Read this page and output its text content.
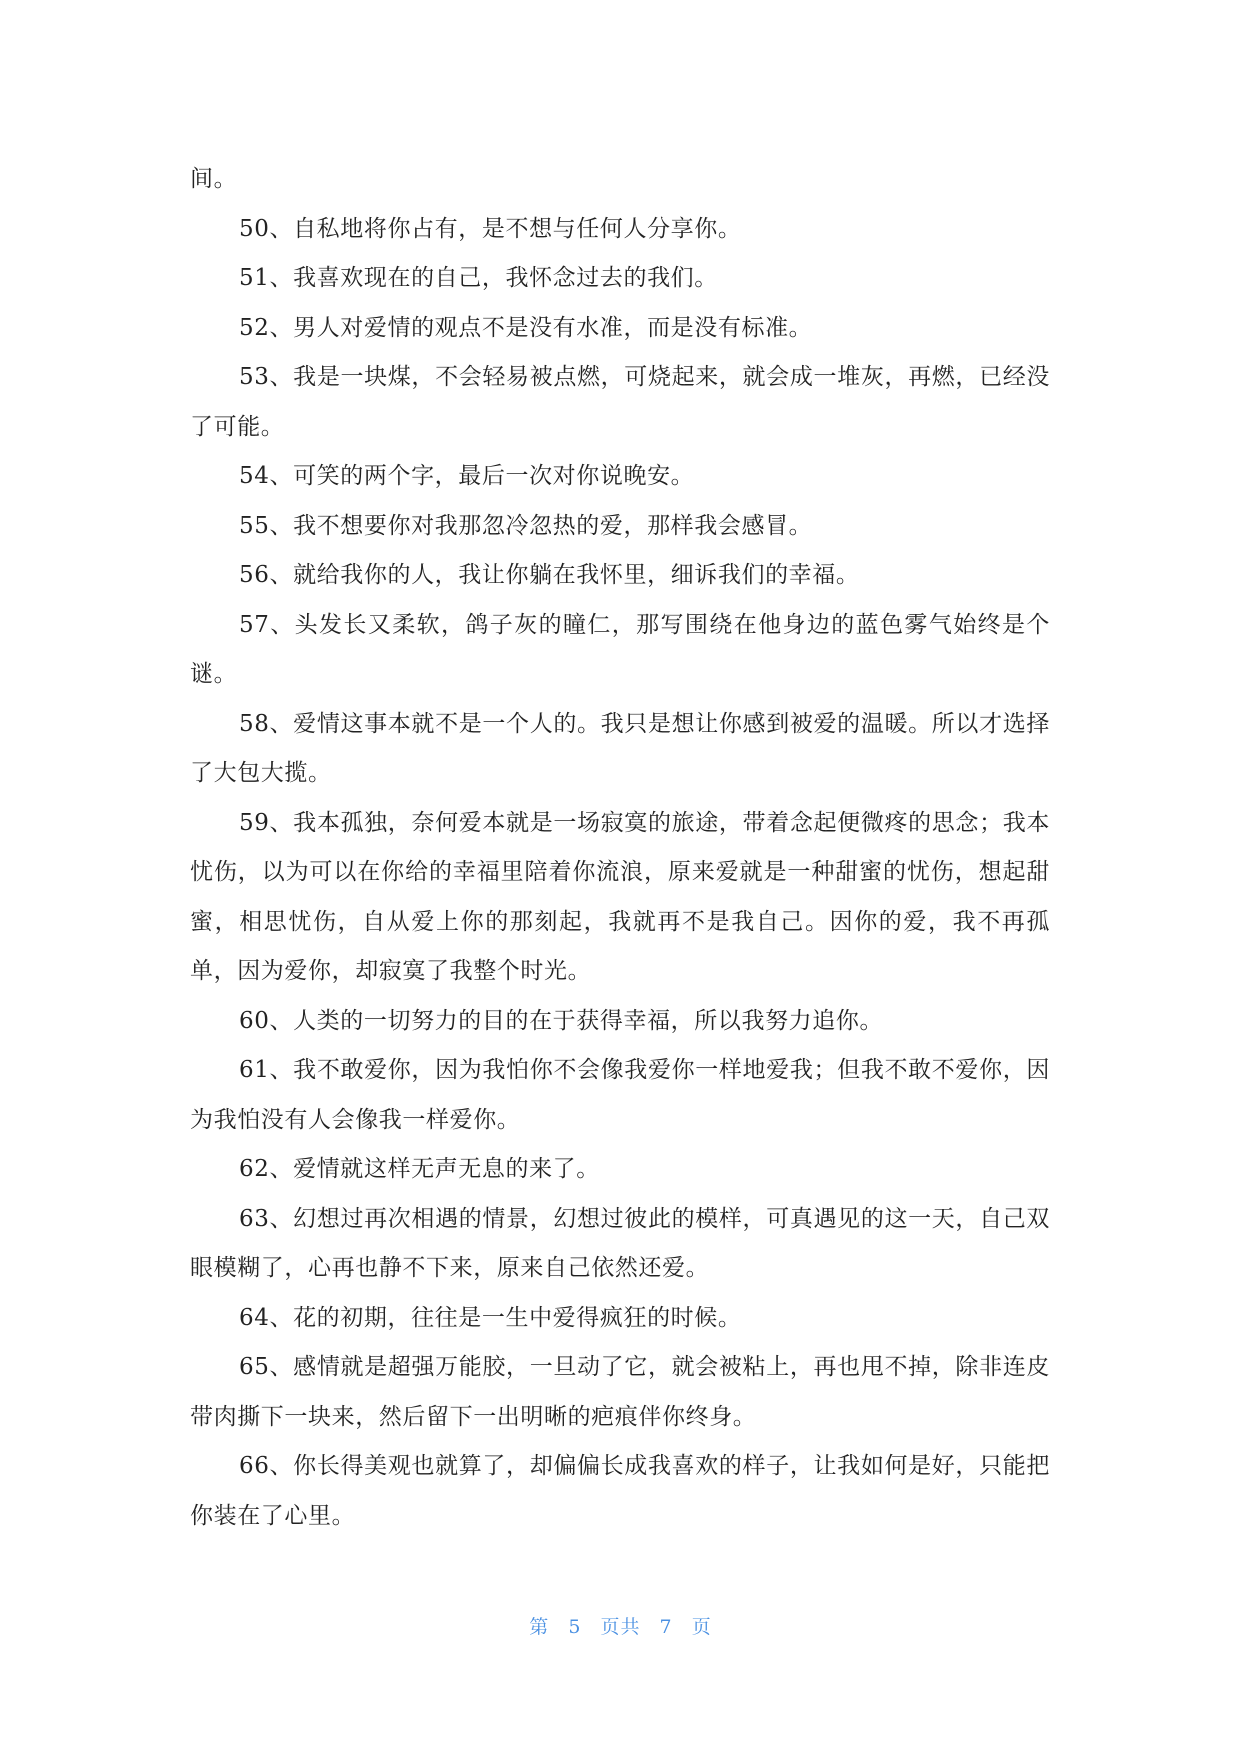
间。

50、自私地将你占有，是不想与任何人分享你。

51、我喜欢现在的自己，我怀念过去的我们。

52、男人对爱情的观点不是没有水准，而是没有标准。

53、我是一块煤，不会轻易被点燃，可烧起来，就会成一堆灰，再燃，已经没了可能。

54、可笑的两个字，最后一次对你说晚安。

55、我不想要你对我那忽冷忽热的爱，那样我会感冒。

56、就给我你的人，我让你躺在我怀里，细诉我们的幸福。

57、头发长又柔软，鸽子灰的瞳仁，那写围绕在他身边的蓝色雾气始终是个谜。

58、爱情这事本就不是一个人的。我只是想让你感到被爱的温暖。所以才选择了大包大揽。

59、我本孤独，奈何爱本就是一场寂寞的旅途，带着念起便微疼的思念；我本忧伤，以为可以在你给的幸福里陪着你流浪，原来爱就是一种甜蜜的忧伤，想起甜蜜，相思忧伤，自从爱上你的那刻起，我就再不是我自己。因你的爱，我不再孤单，因为爱你，却寂寞了我整个时光。

60、人类的一切努力的目的在于获得幸福，所以我努力追你。

61、我不敢爱你，因为我怕你不会像我爱你一样地爱我；但我不敢不爱你，因为我怕没有人会像我一样爱你。

62、爱情就这样无声无息的来了。

63、幻想过再次相遇的情景，幻想过彼此的模样，可真遇见的这一天，自己双眼模糊了，心再也静不下来，原来自己依然还爱。

64、花的初期，往往是一生中爱得疯狂的时候。

65、感情就是超强万能胶，一旦动了它，就会被粘上，再也甩不掉，除非连皮带肉撕下一块来，然后留下一出明晰的疤痕伴你终身。

66、你长得美观也就算了，却偏偏长成我喜欢的样子，让我如何是好，只能把你装在了心里。

第 5 页共 7 页
